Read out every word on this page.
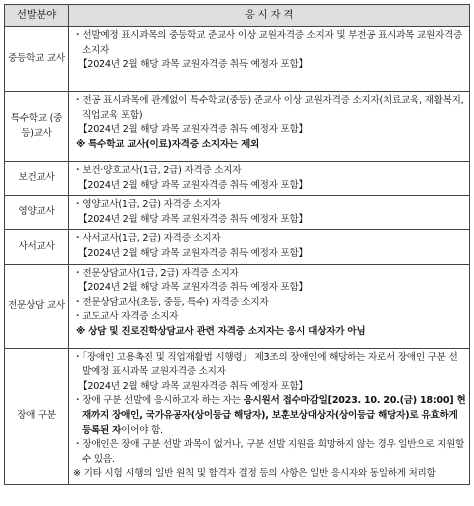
선발분야	응 시 자 격
중등학교 교사	・선발예정 표시과목의 중등학교 준교사 이상 교원자격증 소지자 및 부전공 표시과목 교원자격증 소지자
【2024년 2월 해당 과목 교원자격증 취득 예정자 포함】

특수학교 (중등)교사	・전공 표시과목에 관계없이 특수학교(중등) 준교사 이상 교원자격증 소지자(치료교육, 재활복지, 직업교육 포함)
【2024년 2월 해당 과목 교원자격증 취득 예정자 포함】
※ 특수학교 교사(이료)자격증 소지자는 제외

보건교사	・보건·양호교사(1급, 2급) 자격증 소지자
【2024년 2월 해당 과목 교원자격증 취득 예정자 포함】

영양교사	・영양교사(1급, 2급) 자격증 소지자
【2024년 2월 해당 과목 교원자격증 취득 예정자 포함】

사서교사	・사서교사(1급, 2급) 자격증 소지자
【2024년 2월 해당 과목 교원자격증 취득 예정자 포함】

전문상담 교사	・전문상담교사(1급, 2급) 자격증 소지자
【2024년 2월 해당 과목 교원자격증 취득 예정자 포함】
・전문상담교사(초등, 중등, 특수) 자격증 소지자
・교도교사 자격증 소지자
※ 상담 및 진로진학상담교사 관련 자격증 소지자는 응시 대상자가 아님

장애 구분	・「장애인 고용촉진 및 직업재활법 시행령」 제3조의 장애인에 해당하는 자로서 장애인 구분 선발예정 표시과목 교원자격증 소지자
【2024년 2월 해당 과목 교원자격증 취득 예정자 포함】
・장애 구분 선발에 응시하고자 하는 자는 응시원서 접수마감일[2023. 10. 20.(금) 18:00] 현재까지 장애인, 국가유공자(상이등급 해당자), 보훈보상대상자(상이등급 해당자)로 유효하게 등록된 자이어야 함.
・장애인은 장애 구분 선발 과목이 없거나, 구분 선발 지원을 희망하지 않는 경우 일반으로 지원할 수 있음.
※ 기타 시험 시행의 일반 원칙 및 합격자 결정 등의 사항은 일반 응시자와 동일하게 처리함
